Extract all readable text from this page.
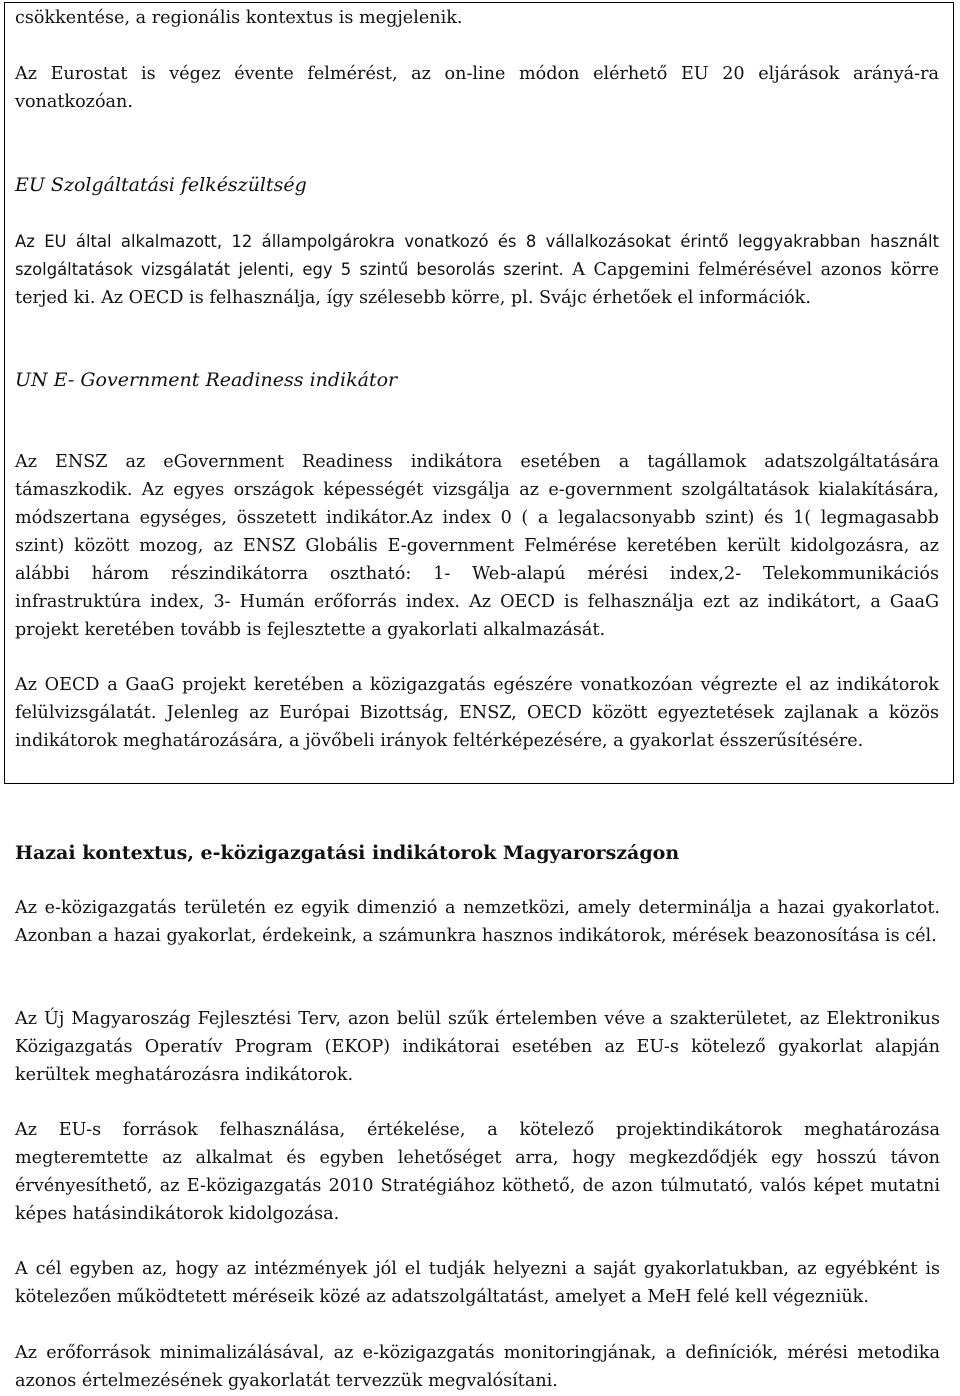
csökkentése, a regionális kontextus is megjelenik.

Az Eurostat is végez évente felmérést, az on-line módon elérhető EU 20 eljárások arányá-ra vonatkozóan.

EU Szolgáltatási felkészültség

Az EU által alkalmazott, 12 állampolgárokra vonatkozó és 8 vállalkozásokat érintő leggyakrabban használt szolgáltatások vizsgálatát jelenti, egy 5 szintű besorolás szerint. A Capgemini felmérésével azonos körre terjed ki. Az OECD is felhasználja, így szélesebb körre, pl. Svájc érhetőek el információk.

UN E- Government Readiness indikátor

Az ENSZ az eGovernment Readiness indikátora esetében a tagállamok adatszolgáltatására támaszkodik. Az egyes országok képességét vizsgálja az e-government szolgáltatások kialakítására, módszertana egységes, összetett indikátor.Az index 0 ( a legalacsonyabb szint) és 1( legmagasabb szint) között mozog, az ENSZ Globális E-government Felmérése keretében került kidolgozásra, az alábbi három részindikátorra osztható: 1- Web-alapú mérési index,2- Telekommunikációs infrastruktúra index, 3- Humán erőforrás index. Az OECD is felhasználja ezt az indikátort, a GaaG projekt keretében tovább is fejlesztette a gyakorlati alkalmazását.

Az OECD a GaaG projekt keretében a közigazgatás egészére vonatkozóan végrezte el az indikátorok felülvizsgálatát. Jelenleg az Európai Bizottság, ENSZ, OECD között egyeztetések zajlanak a közös indikátorok meghatározására, a jövőbeli irányok feltérképezésére, a gyakorlat ésszerűsítésére.

Hazai kontextus, e-közigazgatási indikátorok Magyarországon

Az e-közigazgatás területén ez egyik dimenzió a nemzetközi, amely determinálja a hazai gyakorlatot. Azonban a hazai gyakorlat, érdekeink, a számunkra hasznos indikátorok, mérések beazonosítása is cél.

Az Új Magyaroszág Fejlesztési Terv, azon belül szűk értelemben véve a szakterületet, az Elektronikus Közigazgatás Operatív Program (EKOP) indikátorai esetében az EU-s kötelező gyakorlat alapján kerültek meghatározásra indikátorok.

Az EU-s források felhasználása, értékelése, a kötelező projektindikátorok meghatározása megteremtette az alkalmat és egyben lehetőséget arra, hogy megkezdődjék egy hosszú távon érvényesíthető, az E-közigazgatás 2010 Stratégiához köthető, de azon túlmutató, valós képet mutatni képes hatásindikátorok kidolgozása.

A cél egyben az, hogy az intézmények jól el tudják helyezni a saját gyakorlatukban, az egyébként is kötelezően működtetett méréseik közé az adatszolgáltatást, amelyet a MeH felé kell végezniük.

Az erőforrások minimalizálásával, az e-közigazgatás monitoringjának, a definíciók, mérési metodika azonos értelmezésének gyakorlatát tervezzük megvalósítani.
